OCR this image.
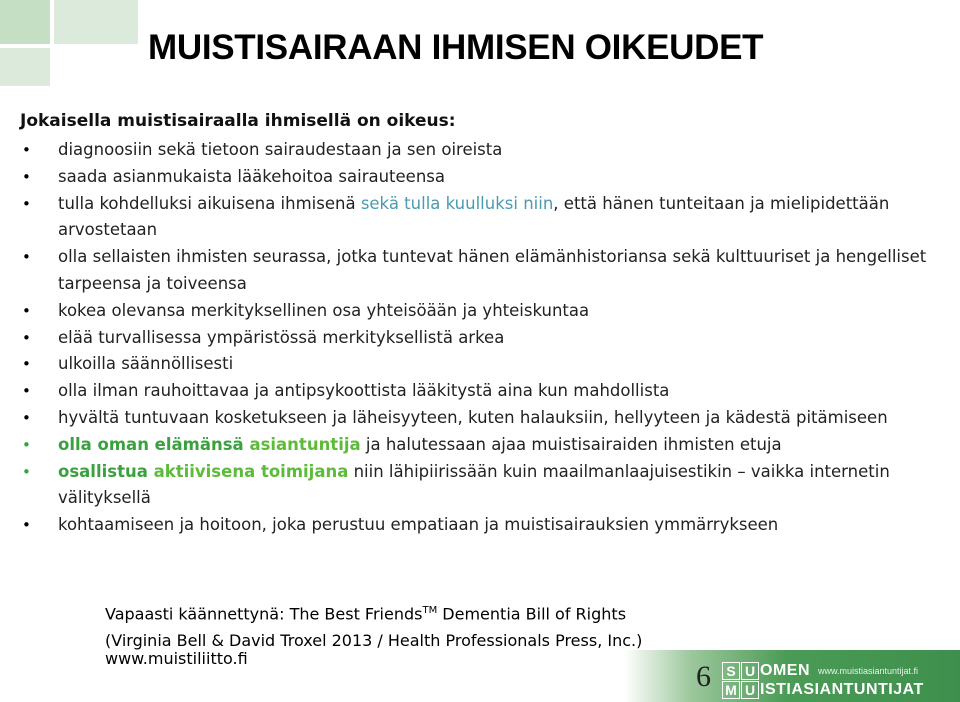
MUISTISAIRAAN IHMISEN OIKEUDET

Jokaisella muistisairaalla ihmisellä on oikeus:

• diagnoosiin sekä tietoon sairaudestaan ja sen oireista
• saada asianmukaista lääkehoitoa sairauteensa
• tulla kohdelluksi aikuisena ihmisenä sekä tulla kuulluksi niin, että hänen tunteitaan ja mielipidettään arvostetaan
• olla sellaisten ihmisten seurassa, jotka tuntevat hänen elämänhistoriansa sekä kulttuuriset ja hengelliset tarpeensa ja toiveensa
• kokea olevansa merkityksellinen osa yhteisöään ja yhteiskuntaa
• elää turvallisessa ympäristössä merkityksellistä arkea
• ulkoilla säännöllisesti
• olla ilman rauhoittavaa ja antipsykoottista lääkitystä aina kun mahdollista
• hyvältä tuntuvaan kosketukseen ja läheisyyteen, kuten halauksiin, hellyyteen ja kädestä pitämiseen
• olla oman elämänsä asiantuntija ja halutessaan ajaa muistisairaiden ihmisten etuja
• osallistua aktiivisena toimijana niin lähipiirissään kuin maailmanlaajuisestikin – vaikka internetin välityksellä
• kohtaamiseen ja hoitoon, joka perustuu empatiaan ja muistisairauksien ymmärrykseen
Vapaasti käännettynä: The Best Friends™ Dementia Bill of Rights
(Virginia Bell & David Troxel 2013 / Health Professionals Press, Inc.)
www.muistiliitto.fi
6	S U OMEN www.muistiasiantuntijat.fi
M U ISTIASIANTUNTIJAT
